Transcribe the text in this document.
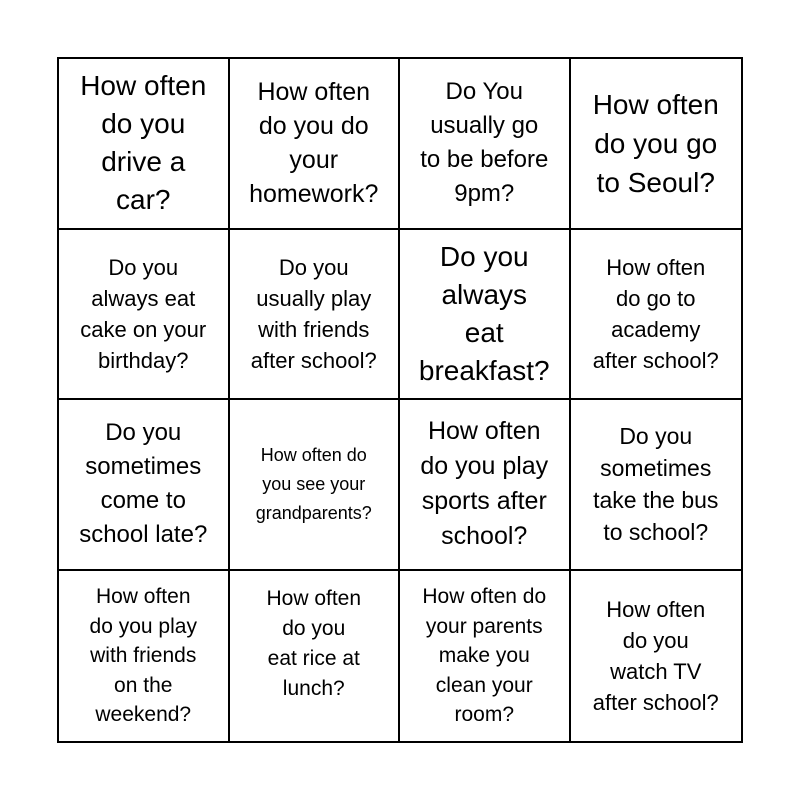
How often
do you
drive a
car?
How often
do you do
your
homework?
Do You
usually go
to be before
9pm?
How often
do you go
to Seoul?
Do you
always eat
cake on your
birthday?
Do you
usually play
with friends
after school?
Do you
always
eat
breakfast?
How often
do go to
academy
after school?
Do you
sometimes
come to
school late?
How often do
you see your
grandparents?
How often
do you play
sports after
school?
Do you
sometimes
take the bus
to school?
How often
do you play
with friends
on the
weekend?
How often
do you
eat rice at
lunch?
How often do
your parents
make you
clean your
room?
How often
do you
watch TV
after school?
